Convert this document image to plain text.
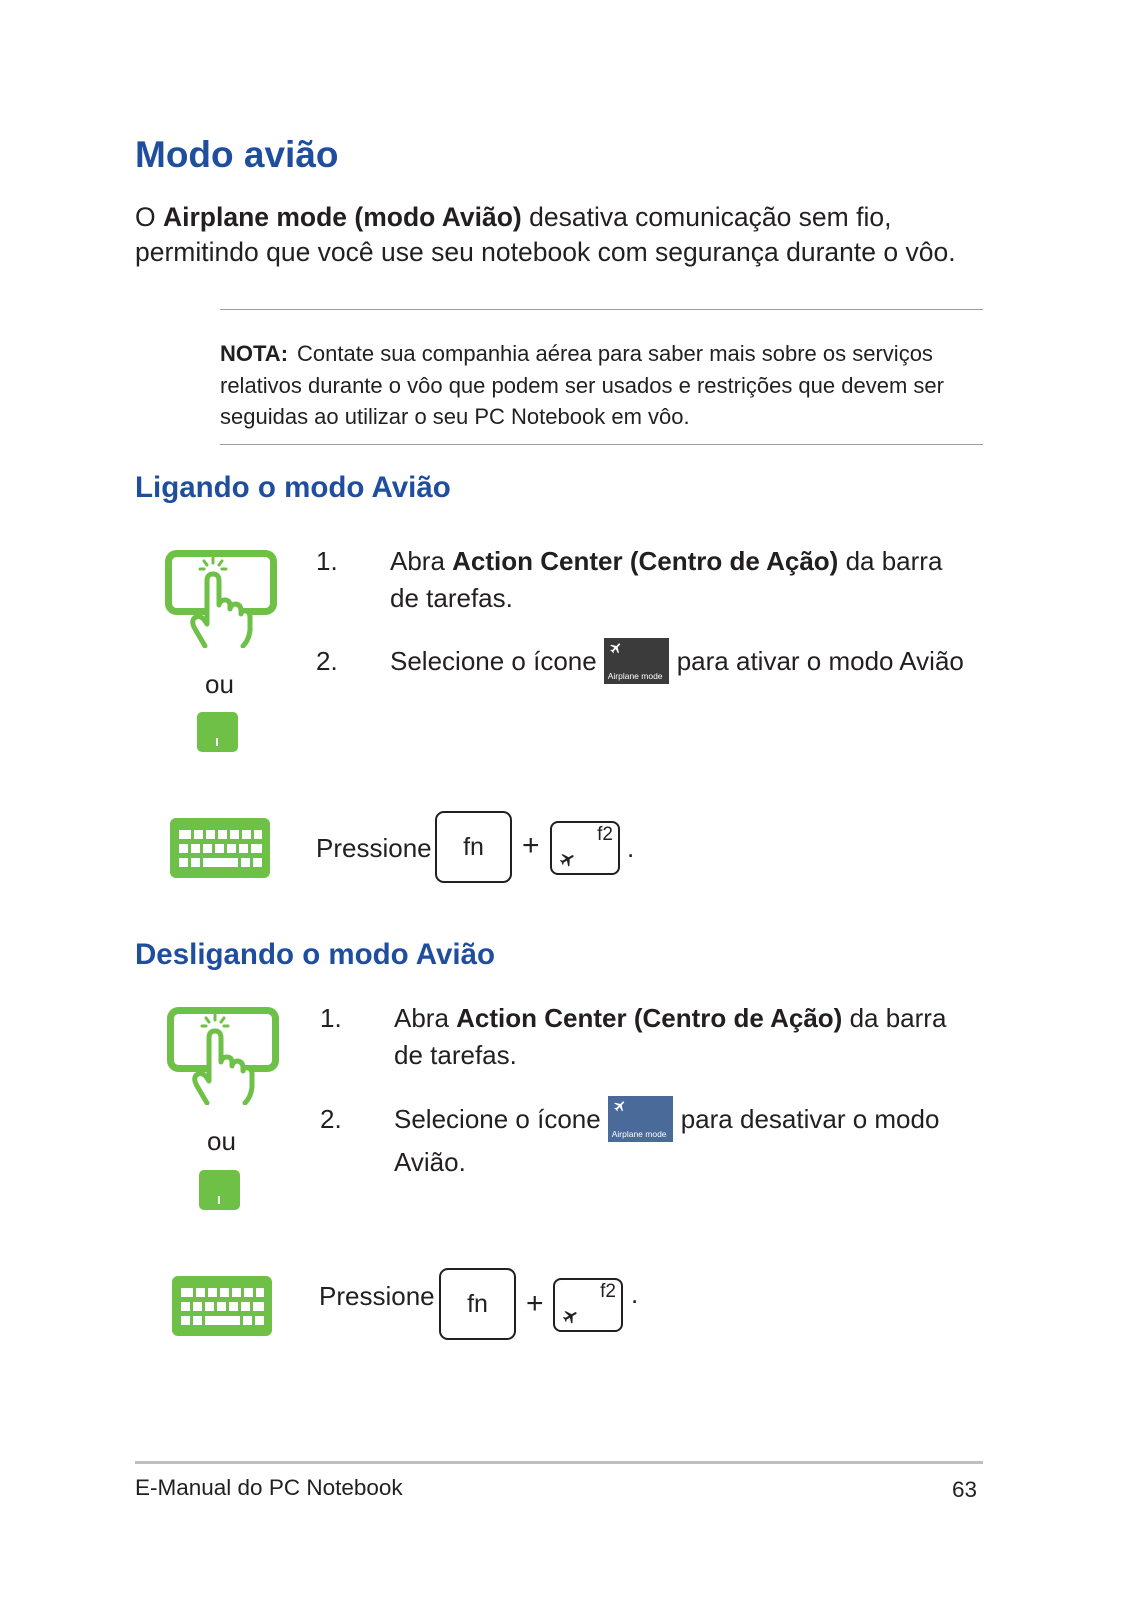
Modo avião
O Airplane mode (modo Avião) desativa comunicação sem fio,
permitindo que você use seu notebook com segurança durante o vôo.
NOTA: Contate sua companhia aérea para saber mais sobre os serviços
relativos durante o vôo que podem ser usados e restrições que devem ser
seguidas ao utilizar o seu PC Notebook em vôo.
Ligando o modo Avião
ou
1. Abra Action Center (Centro de Ação) da barra
de tarefas.
2. Selecione o ícone
Airplane mode
para ativar o modo Avião
Pressione fn +	f2 .
Desligando o modo Avião
ou
1. Abra Action Center (Centro de Ação) da barra
de tarefas.
2. Selecione o ícone
Airplane mode
para desativar o modo
Avião.
Pressione fn +	f2 .
E-Manual do PC Notebook	63
